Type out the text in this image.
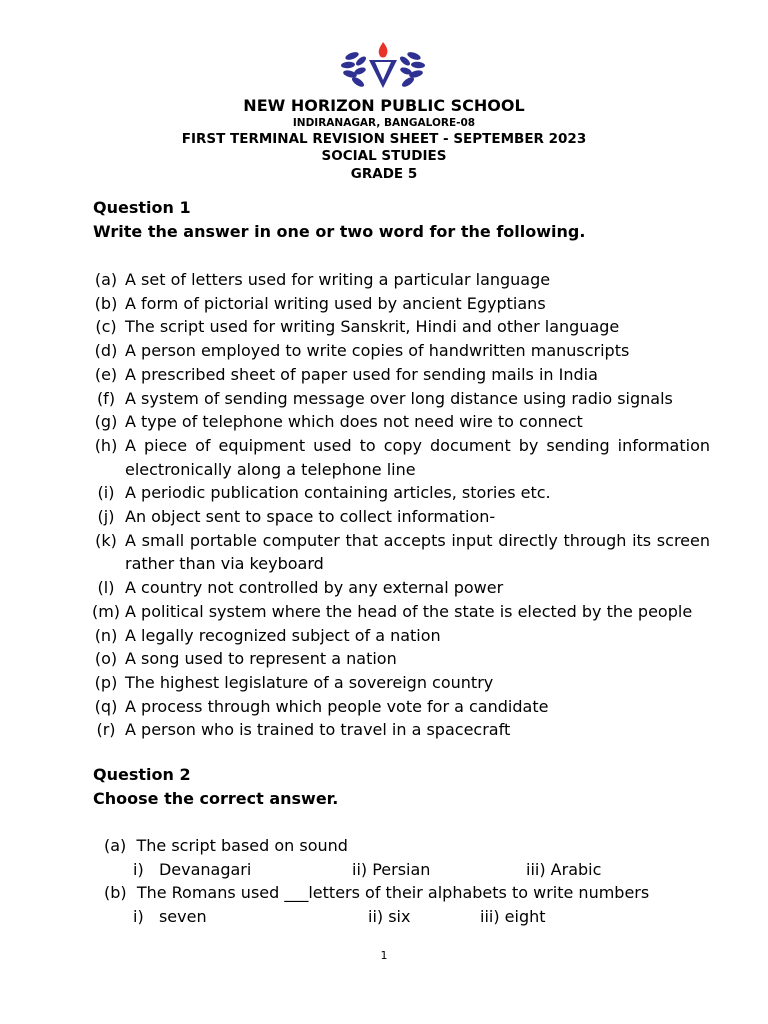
NEW HORIZON PUBLIC SCHOOL
INDIRANAGAR, BANGALORE-08
FIRST TERMINAL REVISION SHEET - SEPTEMBER 2023
SOCIAL STUDIES
GRADE 5
Question 1
Write the answer in one or two word for the following.
(a) A set of letters used for writing a particular language
(b) A form of pictorial writing used by ancient Egyptians
(c) The script used for writing Sanskrit, Hindi and other language
(d) A person employed to write copies of handwritten manuscripts
(e) A prescribed sheet of paper used for sending mails in India
(f) A system of sending message over long distance using radio signals
(g) A type of telephone which does not need wire to connect
(h) A piece of equipment used to copy document by sending information electronically along a telephone line
(i) A periodic publication containing articles, stories etc.
(j) An object sent to space to collect information-
(k) A small portable computer that accepts input directly through its screen rather than via keyboard
(l) A country not controlled by any external power
(m) A political system where the head of the state is elected by the people
(n) A legally recognized subject of a nation
(o) A song used to represent a nation
(p) The highest legislature of a sovereign country
(q) A process through which people vote for a candidate
(r) A person who is trained to travel in a spacecraft
Question 2
Choose the correct answer.
(a) The script based on sound
i)   Devanagari	ii) Persian	iii) Arabic
(b) The Romans used ___letters of their alphabets to write numbers
i)   seven	ii) six	iii) eight
1
